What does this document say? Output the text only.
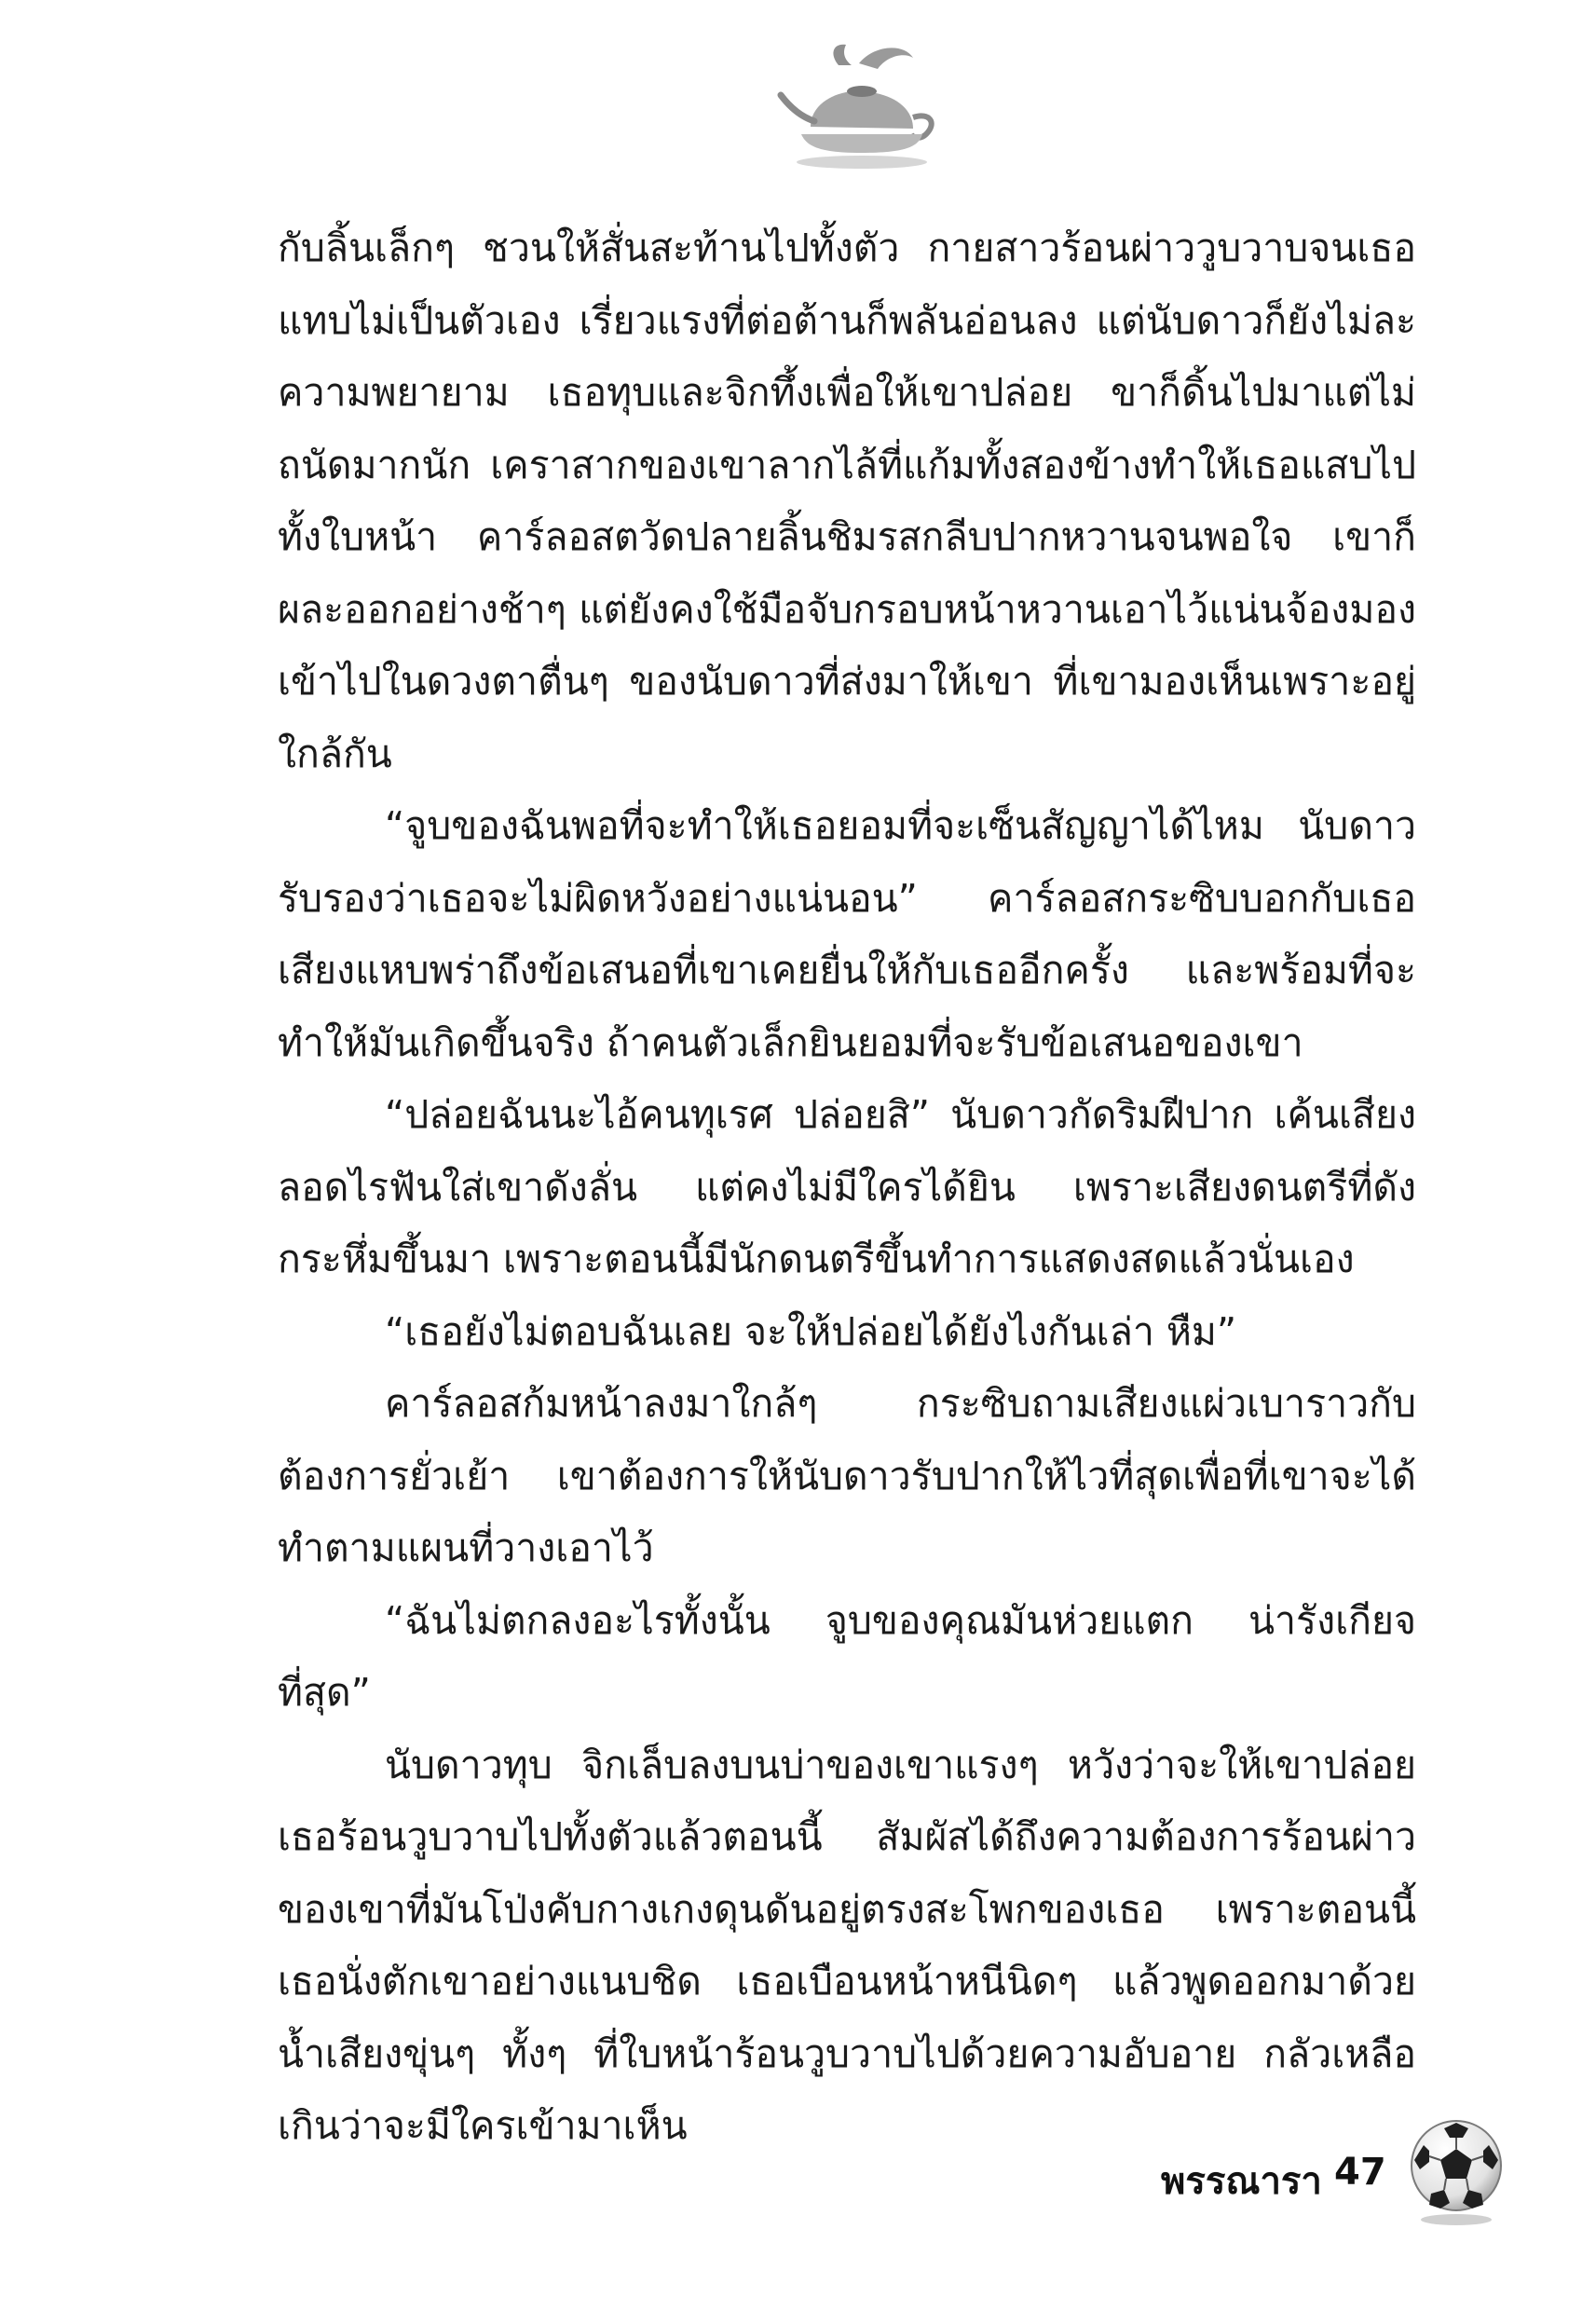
กับลิ้นเล็กๆ ชวนให้สั่นสะท้านไปทั้งตัว กายสาวร้อนผ่าววูบวาบจนเธอแทบไม่เป็นตัวเอง เรี่ยวแรงที่ต่อต้านก็พลันอ่อนลง แต่นับดาวก็ยังไม่ละความพยายาม เธอทุบและจิกทึ้งเพื่อให้เขาปล่อย ขาก็ดิ้นไปมาแต่ไม่ถนัดมากนัก เคราสากของเขาลากไล้ที่แก้มทั้งสองข้างทำให้เธอแสบไปทั้งใบหน้า คาร์ลอสตวัดปลายลิ้นชิมรสกลีบปากหวานจนพอใจ เขาก็ผละออกอย่างช้าๆ แต่ยังคงใช้มือจับกรอบหน้าหวานเอาไว้แน่นจ้องมองเข้าไปในดวงตาตื่นๆ ของนับดาวที่ส่งมาให้เขา ที่เขามองเห็นเพราะอยู่ใกล้กัน

“จูบของฉันพอที่จะทำให้เธอยอมที่จะเซ็นสัญญาได้ไหม นับดาวรับรองว่าเธอจะไม่ผิดหวังอย่างแน่นอน” คาร์ลอสกระซิบบอกกับเธอเสียงแหบพร่าถึงข้อเสนอที่เขาเคยยื่นให้กับเธออีกครั้ง และพร้อมที่จะทำให้มันเกิดขึ้นจริง ถ้าคนตัวเล็กยินยอมที่จะรับข้อเสนอของเขา

“ปล่อยฉันนะไอ้คนทุเรศ ปล่อยสิ” นับดาวกัดริมฝีปาก เค้นเสียงลอดไรฟันใส่เขาดังลั่น แต่คงไม่มีใครได้ยิน เพราะเสียงดนตรีที่ดังกระหึ่มขึ้นมา เพราะตอนนี้มีนักดนตรีขึ้นทำการแสดงสดแล้วนั่นเอง

“เธอยังไม่ตอบฉันเลย จะให้ปล่อยได้ยังไงกันเล่า หืม”

คาร์ลอสก้มหน้าลงมาใกล้ๆ กระซิบถามเสียงแผ่วเบาราวกับต้องการยั่วเย้า เขาต้องการให้นับดาวรับปากให้ไวที่สุดเพื่อที่เขาจะได้ทำตามแผนที่วางเอาไว้

“ฉันไม่ตกลงอะไรทั้งนั้น จูบของคุณมันห่วยแตก น่ารังเกียจที่สุด”

นับดาวทุบ จิกเล็บลงบนบ่าของเขาแรงๆ หวังว่าจะให้เขาปล่อยเธอร้อนวูบวาบไปทั้งตัวแล้วตอนนี้ สัมผัสได้ถึงความต้องการร้อนผ่าวของเขาที่มันโป่งคับกางเกงดุนดันอยู่ตรงสะโพกของเธอ เพราะตอนนี้เธอนั่งตักเขาอย่างแนบชิด เธอเบือนหน้าหนีนิดๆ แล้วพูดออกมาด้วยน้ำเสียงขุ่นๆ ทั้งๆ ที่ใบหน้าร้อนวูบวาบไปด้วยความอับอาย กลัวเหลือเกินว่าจะมีใครเข้ามาเห็น

พรรณารา 47
